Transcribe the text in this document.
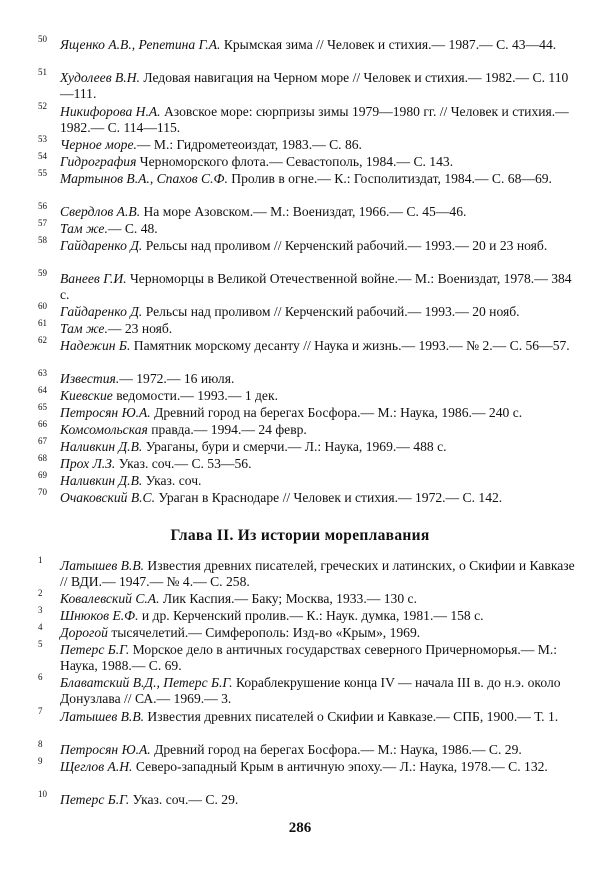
50 Ященко А.В., Репетина Г.А. Крымская зима // Человек и стихия.— 1987.— С. 43—44.
51 Худолеев В.Н. Ледовая навигация на Черном море // Человек и стихия.— 1982.— С. 110—111.
52 Никифорова Н.А. Азовское море: сюрпризы зимы 1979—1980 гг. // Человек и стихия.— 1982.— С. 114—115.
53 Черное море.— М.: Гидрометеоиздат, 1983.— С. 86.
54 Гидрография Черноморского флота.— Севастополь, 1984.— С. 143.
55 Мартынов В.А., Спахов С.Ф. Пролив в огне.— К.: Госполитиздат, 1984.— С. 68—69.
56 Свердлов А.В. На море Азовском.— М.: Воениздат, 1966.— С. 45—46.
57 Там же.— С. 48.
58 Гайдаренко Д. Рельсы над проливом // Керченский рабочий.— 1993.— 20 и 23 нояб.
59 Ванеев Г.И. Черноморцы в Великой Отечественной войне.— М.: Воениздат, 1978.— 384 с.
60 Гайдаренко Д. Рельсы над проливом // Керченский рабочий.— 1993.— 20 нояб.
61 Там же.— 23 нояб.
62 Надежин Б. Памятник морскому десанту // Наука и жизнь.— 1993.— № 2.— С. 56—57.
63 Известия.— 1972.— 16 июля.
64 Киевские ведомости.— 1993.— 1 дек.
65 Петросян Ю.А. Древний город на берегах Босфора.— М.: Наука, 1986.— 240 с.
66 Комсомольская правда.— 1994.— 24 февр.
67 Наливкин Д.В. Ураганы, бури и смерчи.— Л.: Наука, 1969.— 488 с.
68 Прох Л.З. Указ. соч.— С. 53—56.
69 Наливкин Д.В. Указ. соч.
70 Очаковский В.С. Ураган в Краснодаре // Человек и стихия.— 1972.— С. 142.
Глава II. Из истории мореплавания
1 Латышев В.В. Известия древних писателей, греческих и латинских, о Скифии и Кавказе // ВДИ.— 1947.— № 4.— С. 258.
2 Ковалевский С.А. Лик Каспия.— Баку; Москва, 1933.— 130 с.
3 Шнюков Е.Ф. и др. Керченский пролив.— К.: Наук. думка, 1981.— 158 с.
4 Дорогой тысячелетий.— Симферополь: Изд-во «Крым», 1969.
5 Петерс Б.Г. Морское дело в античных государствах северного Причерноморья.— М.: Наука, 1988.— С. 69.
6 Блаватский В.Д., Петерс Б.Г. Кораблекрушение конца IV — начала III в. до н.э. около Донузлава // СА.— 1969.— 3.
7 Латышев В.В. Известия древних писателей о Скифии и Кавказе.— СПБ, 1900.— Т. 1.
8 Петросян Ю.А. Древний город на берегах Босфора.— М.: Наука, 1986.— С. 29.
9 Щеглов А.Н. Северо-западный Крым в античную эпоху.— Л.: Наука, 1978.— С. 132.
10 Петерс Б.Г. Указ. соч.— С. 29.
286
